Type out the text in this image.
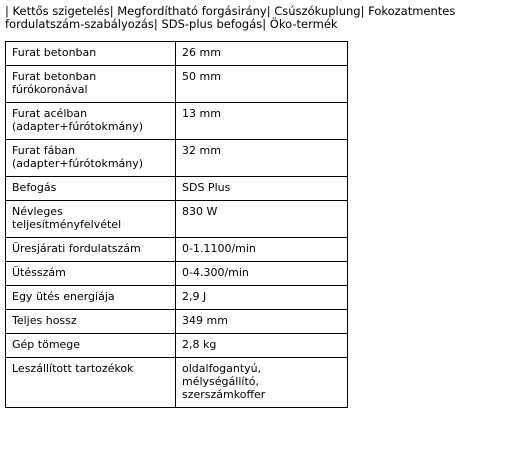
| Kettős szigetelés| Megfordítható forgásirány| Csúszókuplung| Fokozatmentes fordulatszám-szabályozás| SDS-plus befogás| Öko-termék

Furat betonban	26 mm
Furat betonban fúrókoronával	50 mm
Furat acélban (adapter+fúrótokmány)	13 mm
Furat fában (adapter+fúrótokmány)	32 mm
Befogás	SDS Plus
Névleges teljesítményfelvétel	830 W
Üresjárati fordulatszám	0-1.1100/min
Ütésszám	0-4.300/min
Egy ütés energiája	2,9 J
Teljes hossz	349 mm
Gép tömege	2,8 kg
Leszállított tartozékok	oldalfogantyú, mélységállító, szerszámkoffer
